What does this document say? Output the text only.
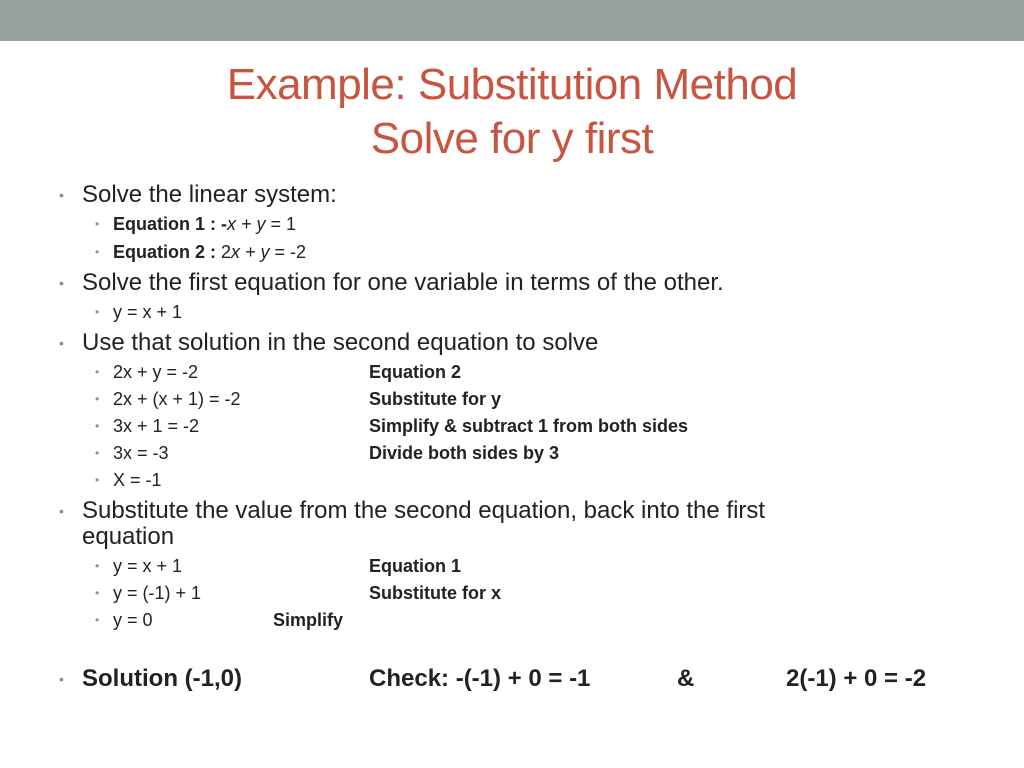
Example: Substitution Method
Solve for y first
• Solve the linear system:
• Equation 1 : -x + y = 1
• Equation 2 : 2x + y = -2
• Solve the first equation for one variable in terms of the other.
• y = x + 1
• Use that solution in the second equation to solve
• 2x + y = -2	Equation 2
• 2x + (x + 1) = -2	Substitute for y
• 3x + 1 = -2	Simplify & subtract 1 from both sides
• 3x = -3	Divide both sides by 3
• X = -1
• Substitute the value from the second equation, back into the first
equation
• y = x + 1	Equation 1
• y = (-1) + 1	Substitute for x
• y = 0	Simplify
• Solution (-1,0)	Check: -(-1) + 0 = -1	&	2(-1) + 0 = -2
